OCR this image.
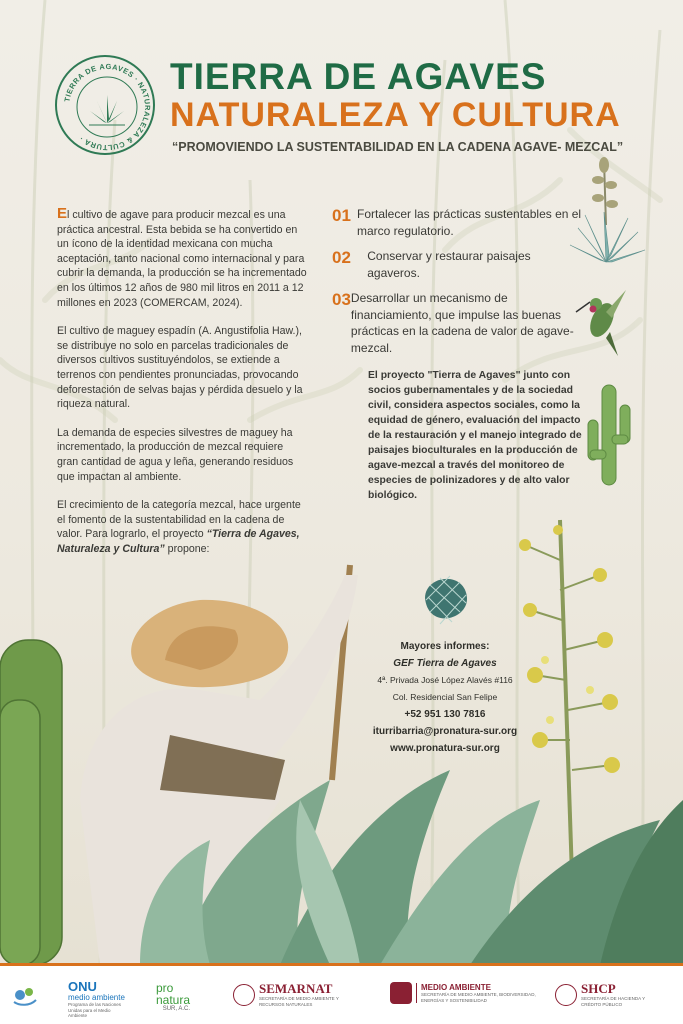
TIERRA DE AGAVES · NATURALEZA & CULTURA ·
TIERRA DE AGAVES
NATURALEZA Y CULTURA
“PROMOVIENDO LA SUSTENTABILIDAD EN LA CADENA AGAVE- MEZCAL”

El cultivo de agave para producir mezcal es una práctica ancestral. Esta bebida se ha convertido en un ícono de la identidad mexicana con mucha aceptación, tanto nacional como internacional y para cubrir la demanda, la producción se ha incrementado en los últimos 12 años de 980 mil litros en 2011 a 12 millones en 2023 (COMERCAM, 2024).

El cultivo de maguey espadín (A. Angustifolia Haw.), se distribuye no solo en parcelas tradicionales de diversos cultivos sustituyéndolos, se extiende a terrenos con pendientes pronunciadas, provocando deforestación de selvas bajas y pérdida desuelo y la riqueza natural.

La demanda de especies silvestres de maguey ha incrementado, la producción de mezcal requiere gran cantidad de agua y leña, generando residuos que impactan al ambiente.

El crecimiento de la categoría mezcal, hace urgente el fomento de la sustentabilidad en la cadena de valor. Para lograrlo, el proyecto “Tierra de Agaves, Naturaleza y Cultura” propone:

01 Fortalecer las prácticas sustentables en el marco regulatorio.
02	Conservar y restaurar paisajes agaveros.
03 Desarrollar un mecanismo de financiamiento, que impulse las buenas prácticas en la cadena de valor de agave-mezcal.
El proyecto "Tierra de Agaves" junto con socios gubernamentales y de la sociedad civil, considera aspectos sociales, como la equidad de género, evaluación del impacto de la restauración y el manejo integrado de paisajes bioculturales en la producción de agave-mezcal a través del monitoreo de especies de polinizadores y de alto valor biológico.
Mayores informes:
GEF Tierra de Agaves
4ª. Privada José López Alavés #116
Col. Residencial San Felipe
+52 951 130 7816
iturribarria@pronatura-sur.org
www.pronatura-sur.org
ONU
medio ambiente
Programa de las Naciones Unidas para el Medio Ambiente
pro
natura
SUR, A.C.
SEMARNAT
SECRETARÍA DE MEDIO AMBIENTE Y RECURSOS NATURALES
MEDIO AMBIENTE
SECRETARÍA DE MEDIO AMBIENTE, BIODIVERSIDAD, ENERGÍAS Y SOSTENIBILIDAD
SHCP
SECRETARÍA DE HACIENDA Y CRÉDITO PÚBLICO
